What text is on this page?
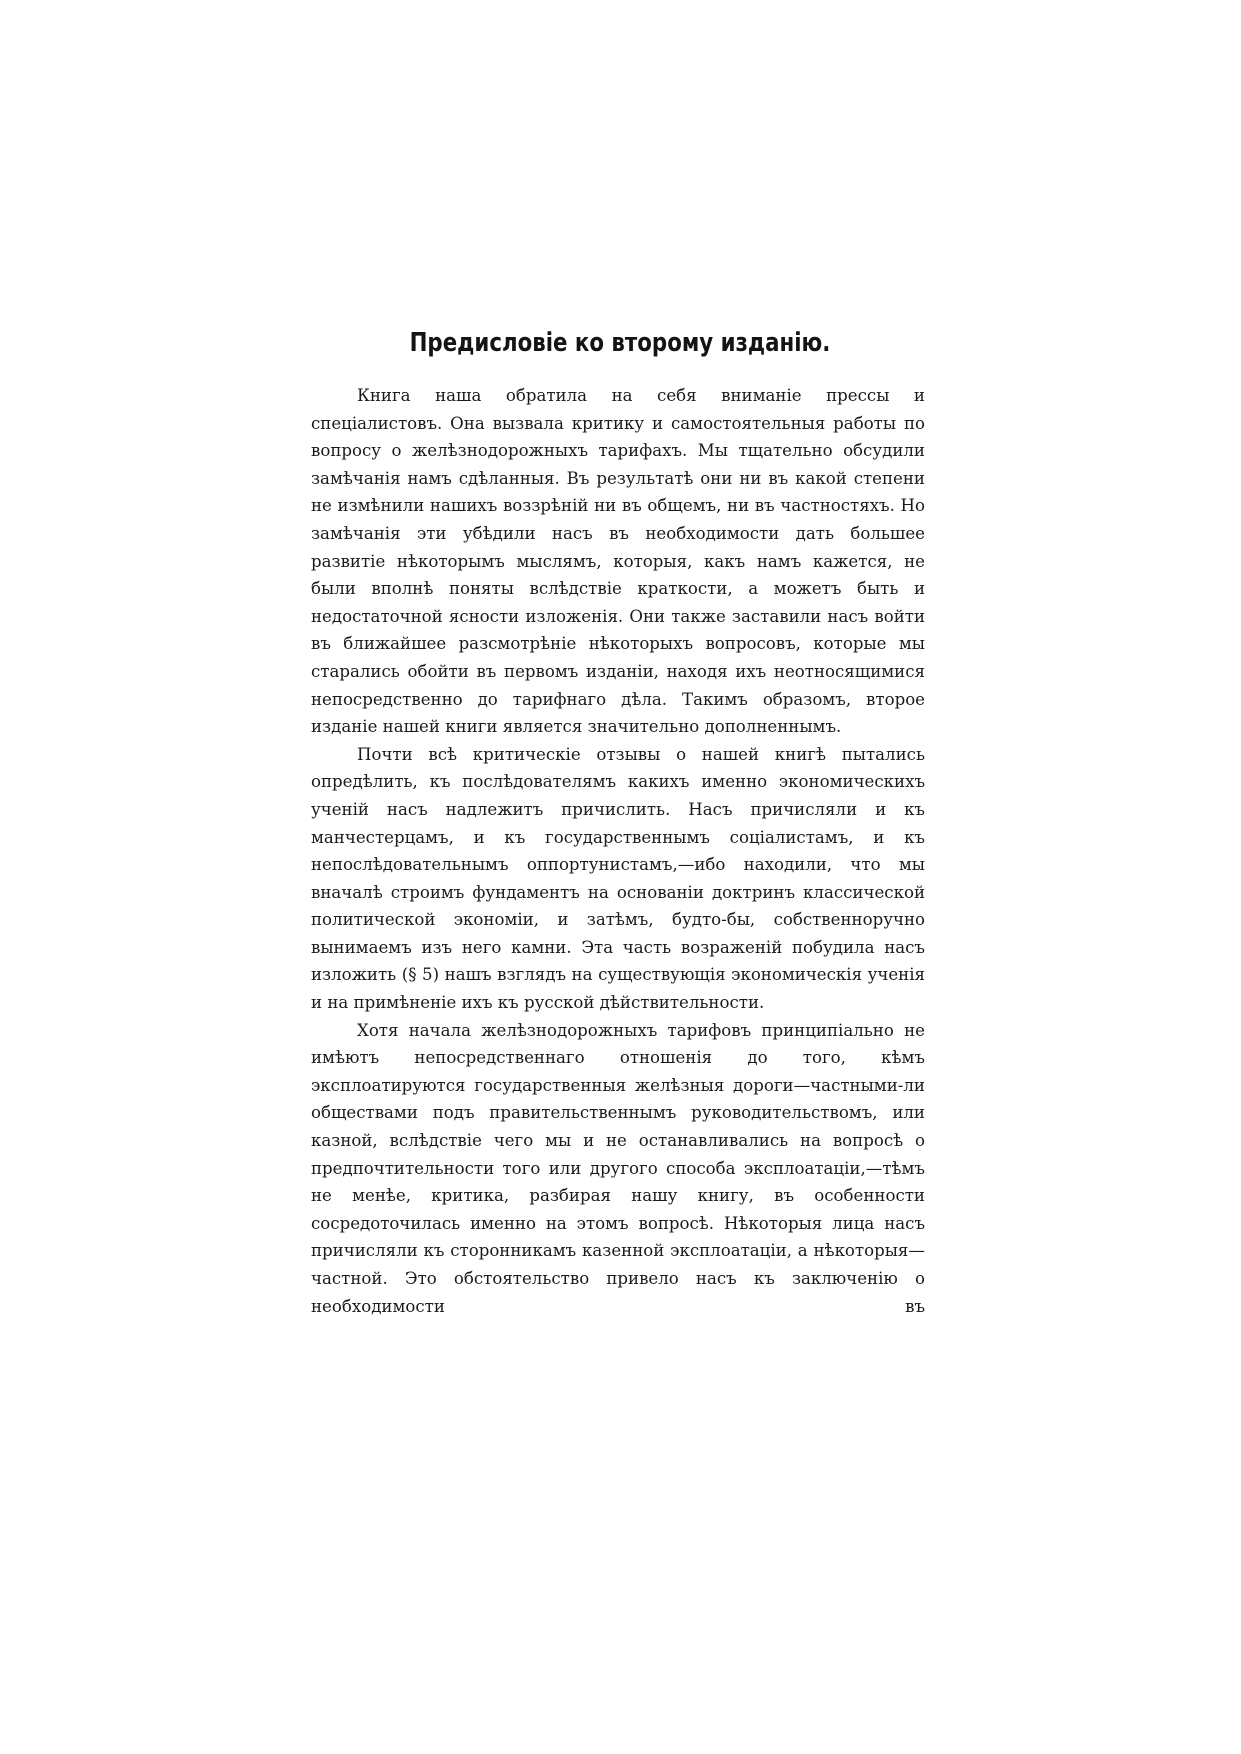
Предисловіе ко второму изданію.

Книга наша обратила на себя вниманіе прессы и спеціалистовъ. Она вызвала критику и самостоятельныя работы по вопросу о желѣзнодорожныхъ тарифахъ. Мы тщательно обсудили замѣчанія намъ сдѣланныя. Въ результатѣ они ни въ какой степени не измѣнили нашихъ воззрѣній ни въ общемъ, ни въ частностяхъ. Но замѣчанія эти убѣдили насъ въ необходимости дать большее развитіе нѣкоторымъ мыслямъ, которыя, какъ намъ кажется, не были вполнѣ поняты вслѣдствіе краткости, а можетъ быть и недостаточной ясности изложенія. Они также заставили насъ войти въ ближайшее разсмотрѣніе нѣкоторыхъ вопросовъ, которые мы старались обойти въ первомъ изданіи, находя ихъ неотносящимися непосредственно до тарифнаго дѣла. Такимъ образомъ, второе изданіе нашей книги является значительно дополненнымъ.

Почти всѣ критическіе отзывы о нашей книгѣ пытались опредѣлить, къ послѣдователямъ какихъ именно экономическихъ ученій насъ надлежитъ причислить. Насъ причисляли и къ манчестерцамъ, и къ государственнымъ соціалистамъ, и къ непослѣдовательнымъ оппортунистамъ,—ибо находили, что мы вначалѣ строимъ фундаментъ на основаніи доктринъ классической политической экономіи, и затѣмъ, будто-бы, собственноручно вынимаемъ изъ него камни. Эта часть возраженій побудила насъ изложить (§ 5) нашъ взглядъ на существующія экономическія ученія и на примѣненіе ихъ къ русской дѣйствительности.

Хотя начала желѣзнодорожныхъ тарифовъ принципіально не имѣютъ непосредственнаго отношенія до того, кѣмъ эксплоатируются государственныя желѣзныя дороги—частными-ли обществами подъ правительственнымъ руководительствомъ, или казной, вслѣдствіе чего мы и не останавливались на вопросѣ о предпочтительности того или другого способа эксплоатаціи,—тѣмъ не менѣе, критика, разбирая нашу книгу, въ особенности сосредоточилась именно на этомъ вопросѣ. Нѣкоторыя лица насъ причисляли къ сторонникамъ казенной эксплоатаціи, а нѣкоторыя—частной. Это обстоятельство привело насъ къ заключенію о необходимости въ
